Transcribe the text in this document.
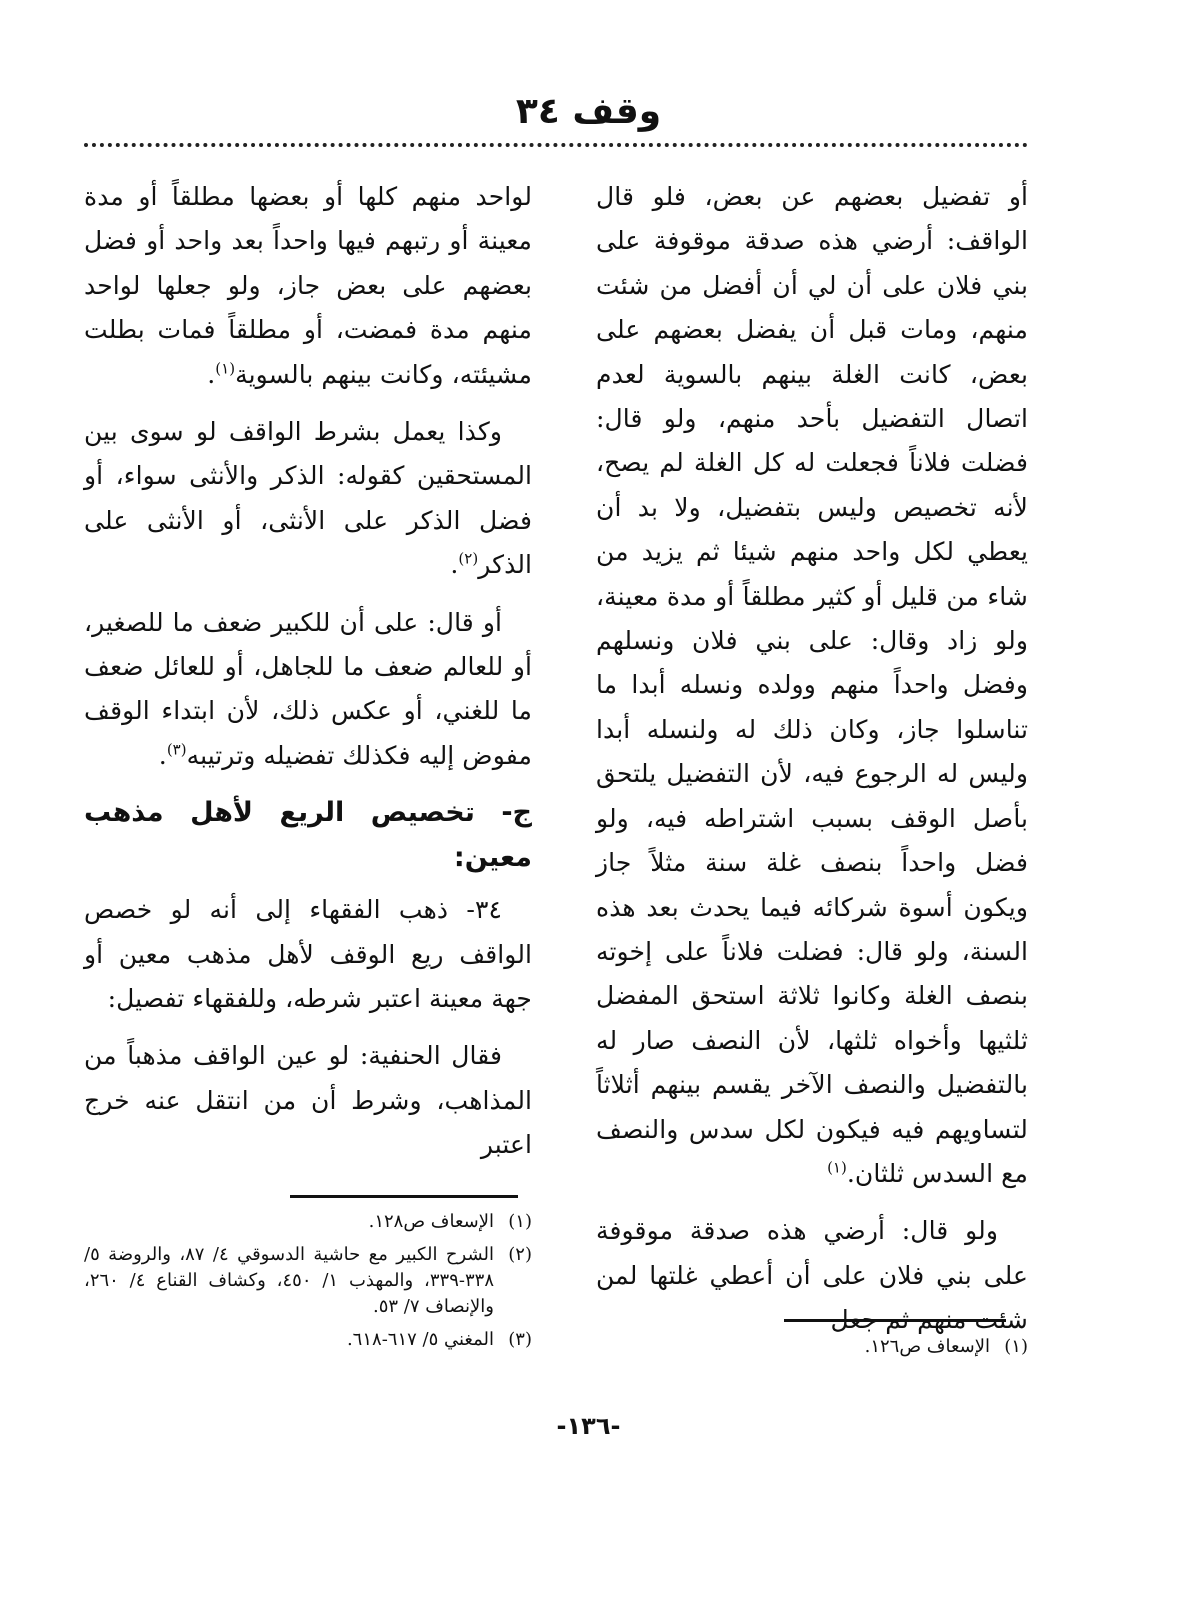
وقف ٣٤

أو تفضيل بعضهم عن بعض، فلو قال الواقف: أرضي هذه صدقة موقوفة على بني فلان على أن لي أن أفضل من شئت منهم، ومات قبل أن يفضل بعضهم على بعض، كانت الغلة بينهم بالسوية لعدم اتصال التفضيل بأحد منهم، ولو قال: فضلت فلاناً فجعلت له كل الغلة لم يصح، لأنه تخصيص وليس بتفضيل، ولا بد أن يعطي لكل واحد منهم شيئا ثم يزيد من شاء من قليل أو كثير مطلقاً أو مدة معينة، ولو زاد وقال: على بني فلان ونسلهم وفضل واحداً منهم وولده ونسله أبدا ما تناسلوا جاز، وكان ذلك له ولنسله أبدا وليس له الرجوع فيه، لأن التفضيل يلتحق بأصل الوقف بسبب اشتراطه فيه، ولو فضل واحداً بنصف غلة سنة مثلاً جاز ويكون أسوة شركائه فيما يحدث بعد هذه السنة، ولو قال: فضلت فلاناً على إخوته بنصف الغلة وكانوا ثلاثة استحق المفضل ثلثيها وأخواه ثلثها، لأن النصف صار له بالتفضيل والنصف الآخر يقسم بينهم أثلاثاً لتساويهم فيه فيكون لكل سدس والنصف مع السدس ثلثان.$^{(١)}$

ولو قال: أرضي هذه صدقة موقوفة على بني فلان على أن أعطي غلتها لمن شئت منهم ثم جعل

لواحد منهم كلها أو بعضها مطلقاً أو مدة معينة أو رتبهم فيها واحداً بعد واحد أو فضل بعضهم على بعض جاز، ولو جعلها لواحد منهم مدة فمضت، أو مطلقاً فمات بطلت مشيئته، وكانت بينهم بالسوية$^{(١)}$.

وكذا يعمل بشرط الواقف لو سوى بين المستحقين كقوله: الذكر والأنثى سواء، أو فضل الذكر على الأنثى، أو الأنثى على الذكر$^{(٢)}$.

أو قال: على أن للكبير ضعف ما للصغير، أو للعالم ضعف ما للجاهل، أو للعائل ضعف ما للغني، أو عكس ذلك، لأن ابتداء الوقف مفوض إليه فكذلك تفضيله وترتيبه$^{(٣)}$.

ج- تخصيص الريع لأهل مذهب معين:

٣٤- ذهب الفقهاء إلى أنه لو خصص الواقف ريع الوقف لأهل مذهب معين أو جهة معينة اعتبر شرطه، وللفقهاء تفصيل:

فقال الحنفية: لو عين الواقف مذهباً من المذاهب، وشرط أن من انتقل عنه خرج اعتبر

(١)
الإسعاف ص١٢٨.
(٢)
الشرح الكبير مع حاشية الدسوقي ٤/ ٨٧، والروضة ٥/ ٣٣٨-٣٣٩، والمهذب ١/ ٤٥٠، وكشاف القناع ٤/ ٢٦٠، والإنصاف ٧/ ٥٣.
(٣)
المغني ٥/ ٦١٧-٦١٨.	(١)
الإسعاف ص١٢٦.
-١٣٦-
